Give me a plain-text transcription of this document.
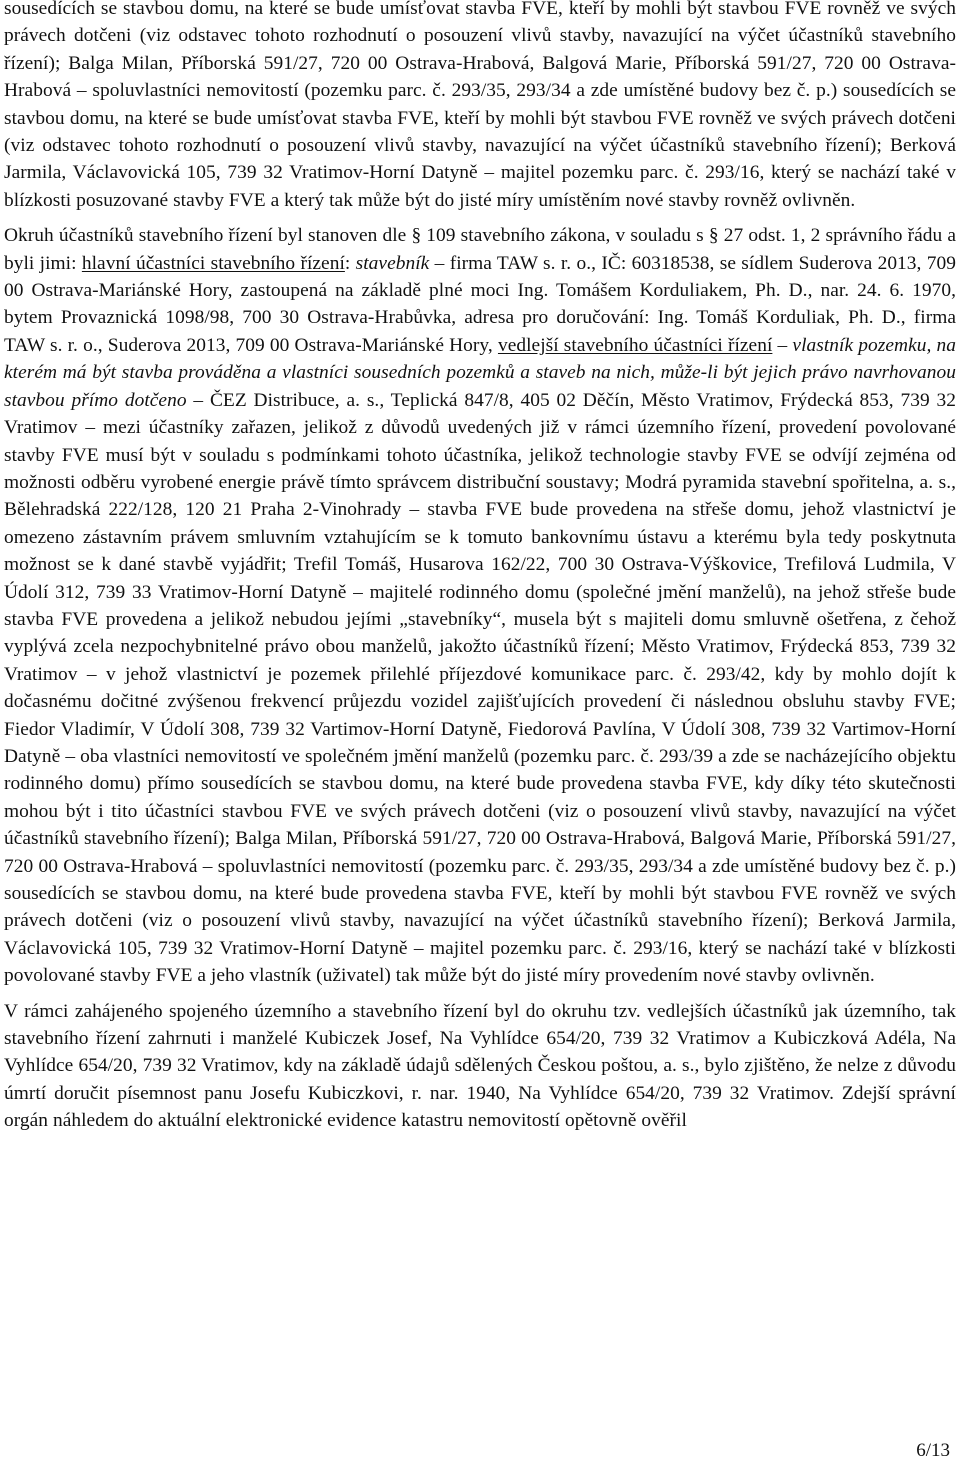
sousedících se stavbou domu, na které se bude umísťovat stavba FVE, kteří by mohli být stavbou FVE rovněž ve svých právech dotčeni (viz odstavec tohoto rozhodnutí o posouzení vlivů stavby, navazující na výčet účastníků stavebního řízení); Balga Milan, Příborská 591/27, 720 00 Ostrava-Hrabová, Balgová Marie, Příborská 591/27, 720 00 Ostrava-Hrabová – spoluvlastníci nemovitostí (pozemku parc. č. 293/35, 293/34 a zde umístěné budovy bez č. p.) sousedících se stavbou domu, na které se bude umísťovat stavba FVE, kteří by mohli být stavbou FVE rovněž ve svých právech dotčeni (viz odstavec tohoto rozhodnutí o posouzení vlivů stavby, navazující na výčet účastníků stavebního řízení); Berková Jarmila, Václavovická 105, 739 32 Vratimov-Horní Datyně – majitel pozemku parc. č. 293/16, který se nachází také v blízkosti posuzované stavby FVE a který tak může být do jisté míry umístěním nové stavby rovněž ovlivněn.

Okruh účastníků stavebního řízení byl stanoven dle § 109 stavebního zákona, v souladu s § 27 odst. 1, 2 správního řádu a byli jimi: hlavní účastníci stavebního řízení: stavebník – firma TAW s. r. o., IČ: 60318538, se sídlem Suderova 2013, 709 00 Ostrava-Mariánské Hory, zastoupená na základě plné moci Ing. Tomášem Korduliakem, Ph. D., nar. 24. 6. 1970, bytem Provaznická 1098/98, 700 30 Ostrava-Hrabůvka, adresa pro doručování: Ing. Tomáš Korduliak, Ph. D., firma TAW s. r. o., Suderova 2013, 709 00 Ostrava-Mariánské Hory, vedlejší stavebního účastníci řízení – vlastník pozemku, na kterém má být stavba prováděna a vlastníci sousedních pozemků a staveb na nich, může-li být jejich právo navrhovanou stavbou přímo dotčeno – ČEZ Distribuce, a. s., Teplická 847/8, 405 02 Děčín, Město Vratimov, Frýdecká 853, 739 32 Vratimov – mezi účastníky zařazen, jelikož z důvodů uvedených již v rámci územního řízení, provedení povolované stavby FVE musí být v souladu s podmínkami tohoto účastníka, jelikož technologie stavby FVE se odvíjí zejména od možnosti odběru vyrobené energie právě tímto správcem distribuční soustavy; Modrá pyramida stavební spořitelna, a. s., Bělehradská 222/128, 120 21 Praha 2-Vinohrady – stavba FVE bude provedena na střeše domu, jehož vlastnictví je omezeno zástavním právem smluvním vztahujícím se k tomuto bankovnímu ústavu a kterému byla tedy poskytnuta možnost se k dané stavbě vyjádřit; Trefil Tomáš, Husarova 162/22, 700 30 Ostrava-Výškovice, Trefilová Ludmila, V Údolí 312, 739 33 Vratimov-Horní Datyně – majitelé rodinného domu (společné jmění manželů), na jehož střeše bude stavba FVE provedena a jelikož nebudou jejími „stavebníky“, musela být s majiteli domu smluvně ošetřena, z čehož vyplývá zcela nezpochybnitelné právo obou manželů, jakožto účastníků řízení; Město Vratimov, Frýdecká 853, 739 32 Vratimov – v jehož vlastnictví je pozemek přilehlé příjezdové komunikace parc. č. 293/42, kdy by mohlo dojít k dočasnému dočitné zvýšenou frekvencí průjezdu vozidel zajišťujících provedení či následnou obsluhu stavby FVE; Fiedor Vladimír, V Údolí 308, 739 32 Vartimov-Horní Datyně, Fiedorová Pavlína, V Údolí 308, 739 32 Vartimov-Horní Datyně – oba vlastníci nemovitostí ve společném jmění manželů (pozemku parc. č. 293/39 a zde se nacházejícího objektu rodinného domu) přímo sousedících se stavbou domu, na které bude provedena stavba FVE, kdy díky této skutečnosti mohou být i tito účastníci stavbou FVE ve svých právech dotčeni (viz o posouzení vlivů stavby, navazující na výčet účastníků stavebního řízení); Balga Milan, Příborská 591/27, 720 00 Ostrava-Hrabová, Balgová Marie, Příborská 591/27, 720 00 Ostrava-Hrabová – spoluvlastníci nemovitostí (pozemku parc. č. 293/35, 293/34 a zde umístěné budovy bez č. p.) sousedících se stavbou domu, na které bude provedena stavba FVE, kteří by mohli být stavbou FVE rovněž ve svých právech dotčeni (viz o posouzení vlivů stavby, navazující na výčet účastníků stavebního řízení); Berková Jarmila, Václavovická 105, 739 32 Vratimov-Horní Datyně – majitel pozemku parc. č. 293/16, který se nachází také v blízkosti povolované stavby FVE a jeho vlastník (uživatel) tak může být do jisté míry provedením nové stavby ovlivněn.

V rámci zahájeného spojeného územního a stavebního řízení byl do okruhu tzv. vedlejších účastníků jak územního, tak stavebního řízení zahrnuti i manželé Kubiczek Josef, Na Vyhlídce 654/20, 739 32 Vratimov a Kubiczková Adéla, Na Vyhlídce 654/20, 739 32 Vratimov, kdy na základě údajů sdělených Českou poštou, a. s., bylo zjištěno, že nelze z důvodu úmrtí doručit písemnost panu Josefu Kubiczkovi, r. nar. 1940, Na Vyhlídce 654/20, 739 32 Vratimov. Zdejší správní orgán náhledem do aktuální elektronické evidence katastru nemovitostí opětovně ověřil

6/13
